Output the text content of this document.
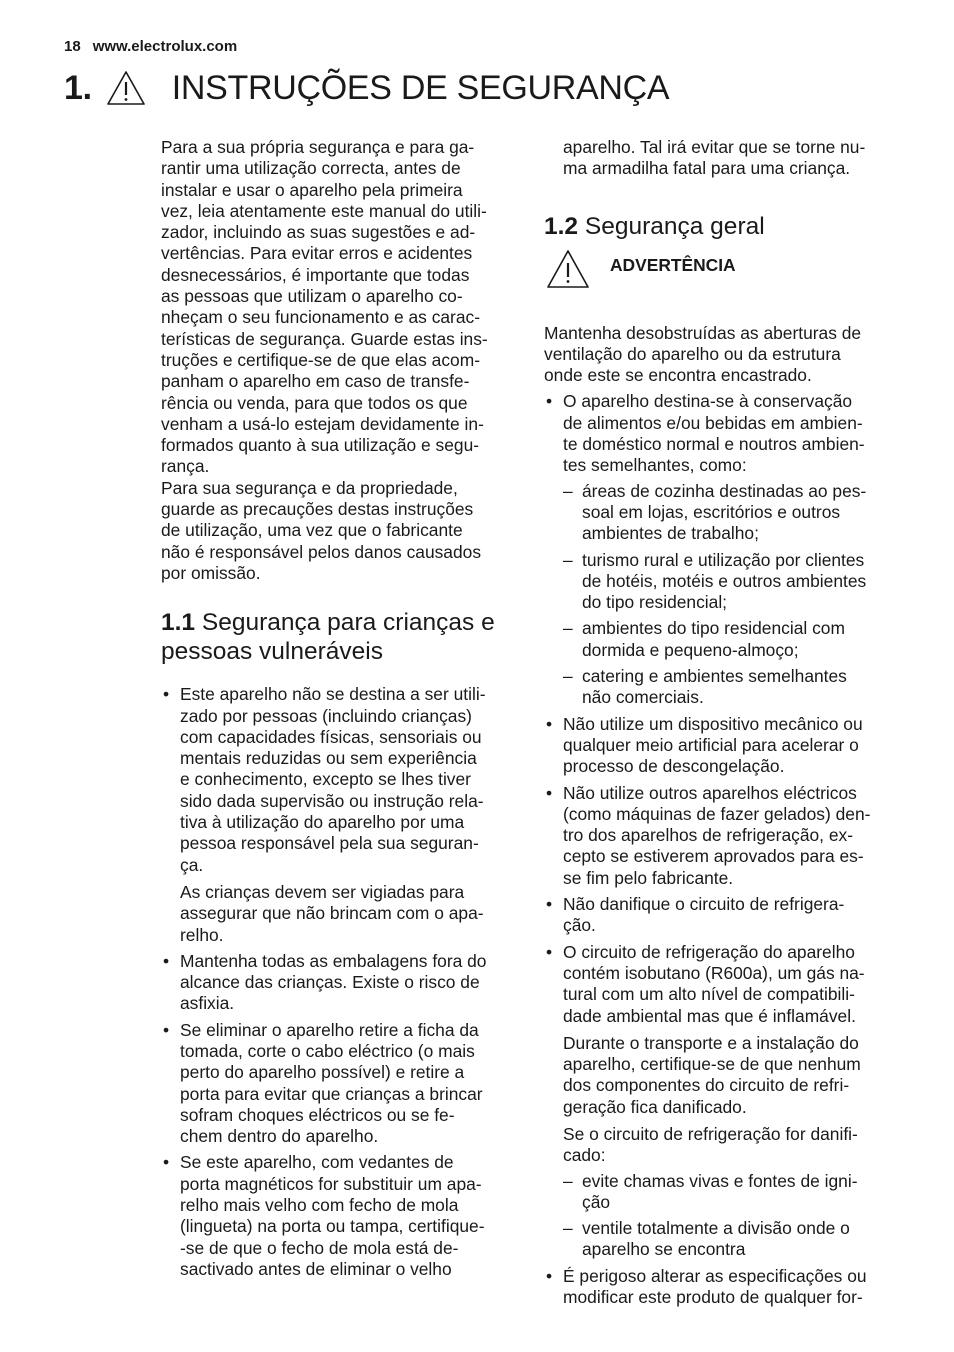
18 www.electrolux.com
1. INSTRUÇÕES DE SEGURANÇA

Para a sua própria segurança e para ga-
rantir uma utilização correcta, antes de
instalar e usar o aparelho pela primeira
vez, leia atentamente este manual do utili-
zador, incluindo as suas sugestões e ad-
vertências. Para evitar erros e acidentes
desnecessários, é importante que todas
as pessoas que utilizam o aparelho co-
nheçam o seu funcionamento e as carac-
terísticas de segurança. Guarde estas ins-
truções e certifique-se de que elas acom-
panham o aparelho em caso de transfe-
rência ou venda, para que todos os que
venham a usá-lo estejam devidamente in-
formados quanto à sua utilização e segu-
rança.

Para sua segurança e da propriedade,
guarde as precauções destas instruções
de utilização, uma vez que o fabricante
não é responsável pelos danos causados
por omissão.

1.1 Segurança para crianças e
pessoas vulneráveis
• Este aparelho não se destina a ser utili-
zado por pessoas (incluindo crianças)
com capacidades físicas, sensoriais ou
mentais reduzidas ou sem experiência
e conhecimento, excepto se lhes tiver
sido dada supervisão ou instrução rela-
tiva à utilização do aparelho por uma
pessoa responsável pela sua seguran-
ça.

As crianças devem ser vigiadas para
assegurar que não brincam com o apa-
relho.

• Mantenha todas as embalagens fora do
alcance das crianças. Existe o risco de
asfixia.
• Se eliminar o aparelho retire a ficha da
tomada, corte o cabo eléctrico (o mais
perto do aparelho possível) e retire a
porta para evitar que crianças a brincar
sofram choques eléctricos ou se fe-
chem dentro do aparelho.
• Se este aparelho, com vedantes de
porta magnéticos for substituir um apa-
relho mais velho com fecho de mola
(lingueta) na porta ou tampa, certifique-
-se de que o fecho de mola está de-
sactivado antes de eliminar o velho

aparelho. Tal irá evitar que se torne nu-
ma armadilha fatal para uma criança.

1.2 Segurança geral
ADVERTÊNCIA

Mantenha desobstruídas as aberturas de
ventilação do aparelho ou da estrutura
onde este se encontra encastrado.

• O aparelho destina-se à conservação
de alimentos e/ou bebidas em ambien-
te doméstico normal e noutros ambien-
tes semelhantes, como:
– áreas de cozinha destinadas ao pes-
soal em lojas, escritórios e outros
ambientes de trabalho;
– turismo rural e utilização por clientes
de hotéis, motéis e outros ambientes
do tipo residencial;
– ambientes do tipo residencial com
dormida e pequeno-almoço;
– catering e ambientes semelhantes
não comerciais.
• Não utilize um dispositivo mecânico ou
qualquer meio artificial para acelerar o
processo de descongelação.
• Não utilize outros aparelhos eléctricos
(como máquinas de fazer gelados) den-
tro dos aparelhos de refrigeração, ex-
cepto se estiverem aprovados para es-
se fim pelo fabricante.
• Não danifique o circuito de refrigera-
ção.
• O circuito de refrigeração do aparelho
contém isobutano (R600a), um gás na-
tural com um alto nível de compatibili-
dade ambiental mas que é inflamável.

Durante o transporte e a instalação do
aparelho, certifique-se de que nenhum
dos componentes do circuito de refri-
geração fica danificado.

Se o circuito de refrigeração for danifi-
cado:

– evite chamas vivas e fontes de igni-
ção
– ventile totalmente a divisão onde o
aparelho se encontra
• É perigoso alterar as especificações ou
modificar este produto de qualquer for-
